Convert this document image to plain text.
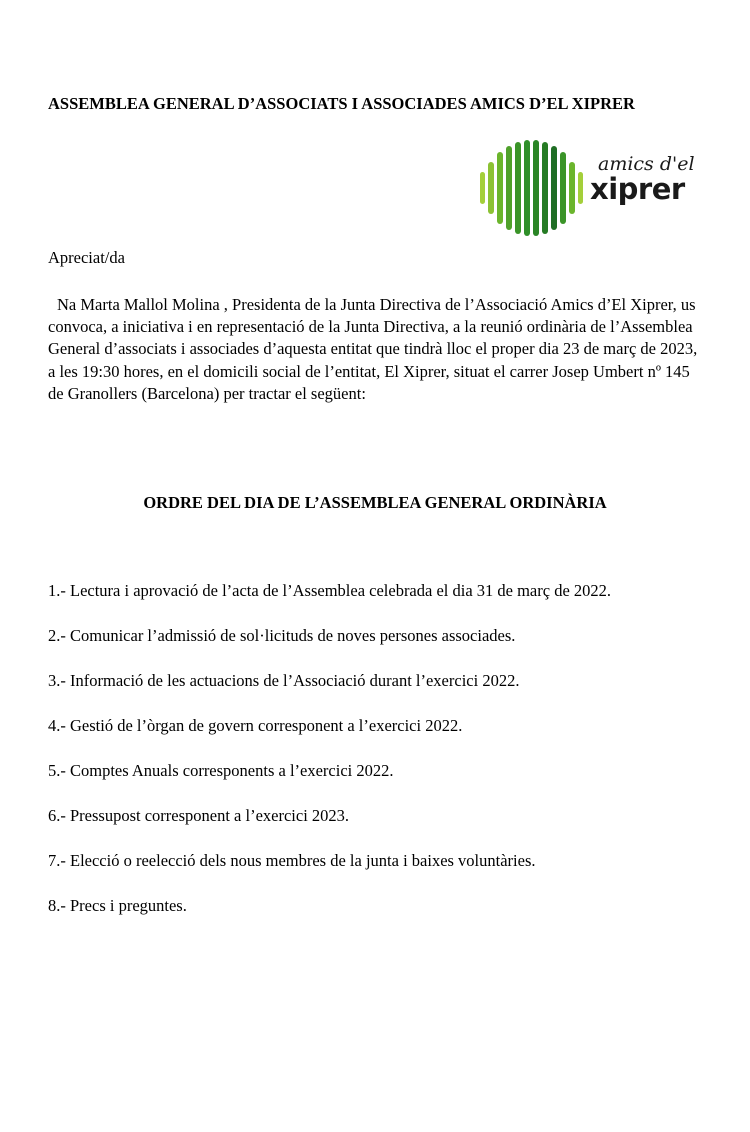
ASSEMBLEA GENERAL D’ASSOCIATS I ASSOCIADES AMICS D’EL XIPRER
amics d'el
xiprer

Apreciat/da

Na Marta Mallol Molina , Presidenta de la Junta Directiva de l’Associació Amics d’El Xiprer, us convoca, a iniciativa i en representació de la Junta Directiva, a la reunió ordinària de l’Assemblea General d’associats i associades d’aquesta entitat que tindrà lloc el proper dia 23 de març de 2023, a les 19:30 hores, en el domicili social de l’entitat, El Xiprer, situat el carrer Josep Umbert nº 145 de Granollers (Barcelona) per tractar el següent:

ORDRE DEL DIA DE L’ASSEMBLEA GENERAL ORDINÀRIA
1.- Lectura i aprovació de l’acta de l’Assemblea celebrada el dia 31 de març de 2022.
2.- Comunicar l’admissió de sol·licituds de noves persones associades.
3.- Informació de les actuacions de l’Associació durant l’exercici 2022.
4.- Gestió de l’òrgan de govern corresponent a l’exercici 2022.
5.- Comptes Anuals corresponents a l’exercici 2022.
6.- Pressupost corresponent a l’exercici 2023.
7.- Elecció o reelecció dels nous membres de la junta i baixes voluntàries.
8.- Precs i preguntes.
